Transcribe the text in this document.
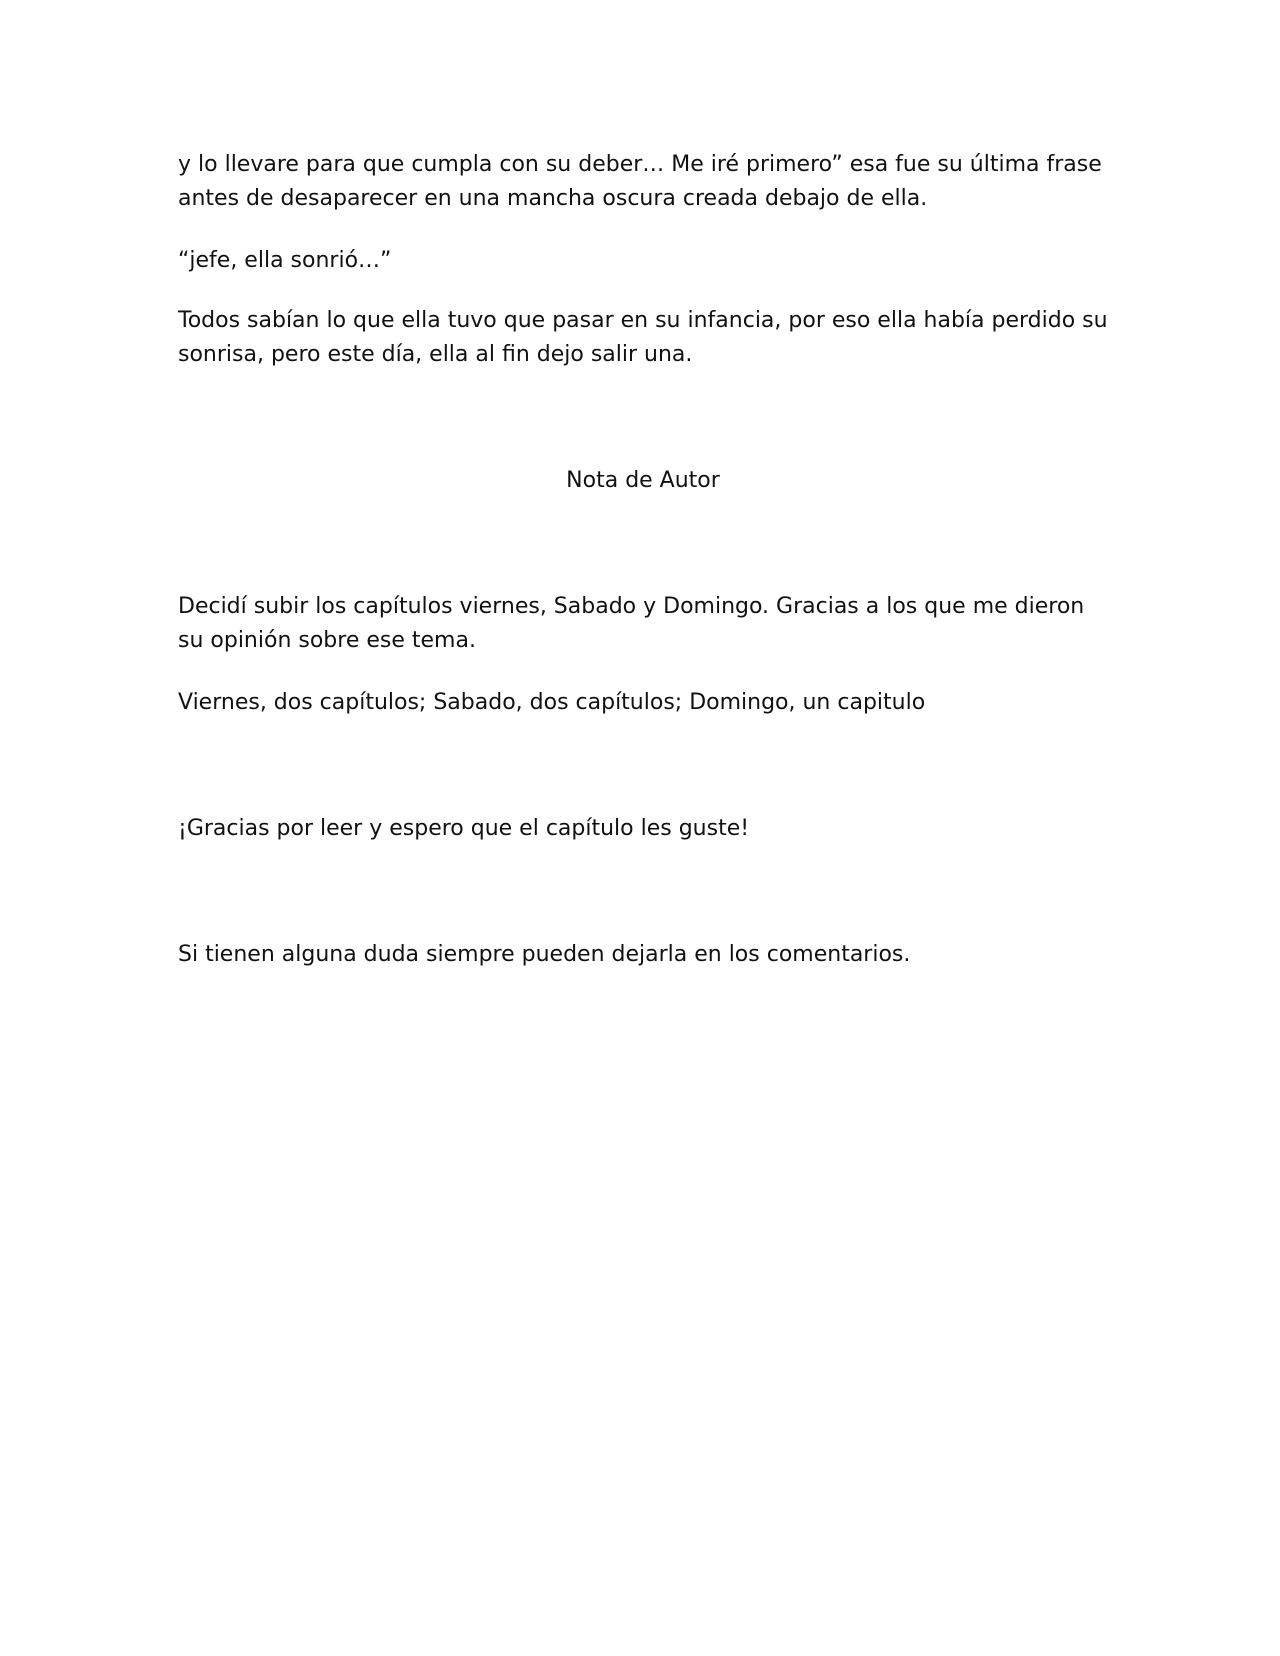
y lo llevare para que cumpla con su deber… Me iré primero” esa fue su última frase antes de desaparecer en una mancha oscura creada debajo de ella.

“jefe, ella sonrió…”

Todos sabían lo que ella tuvo que pasar en su infancia, por eso ella había perdido su sonrisa, pero este día, ella al fin dejo salir una.

Nota de Autor

Decidí subir los capítulos viernes, Sabado y Domingo. Gracias a los que me dieron su opinión sobre ese tema.

Viernes, dos capítulos; Sabado, dos capítulos; Domingo, un capitulo

¡Gracias por leer y espero que el capítulo les guste!

Si tienen alguna duda siempre pueden dejarla en los comentarios.
